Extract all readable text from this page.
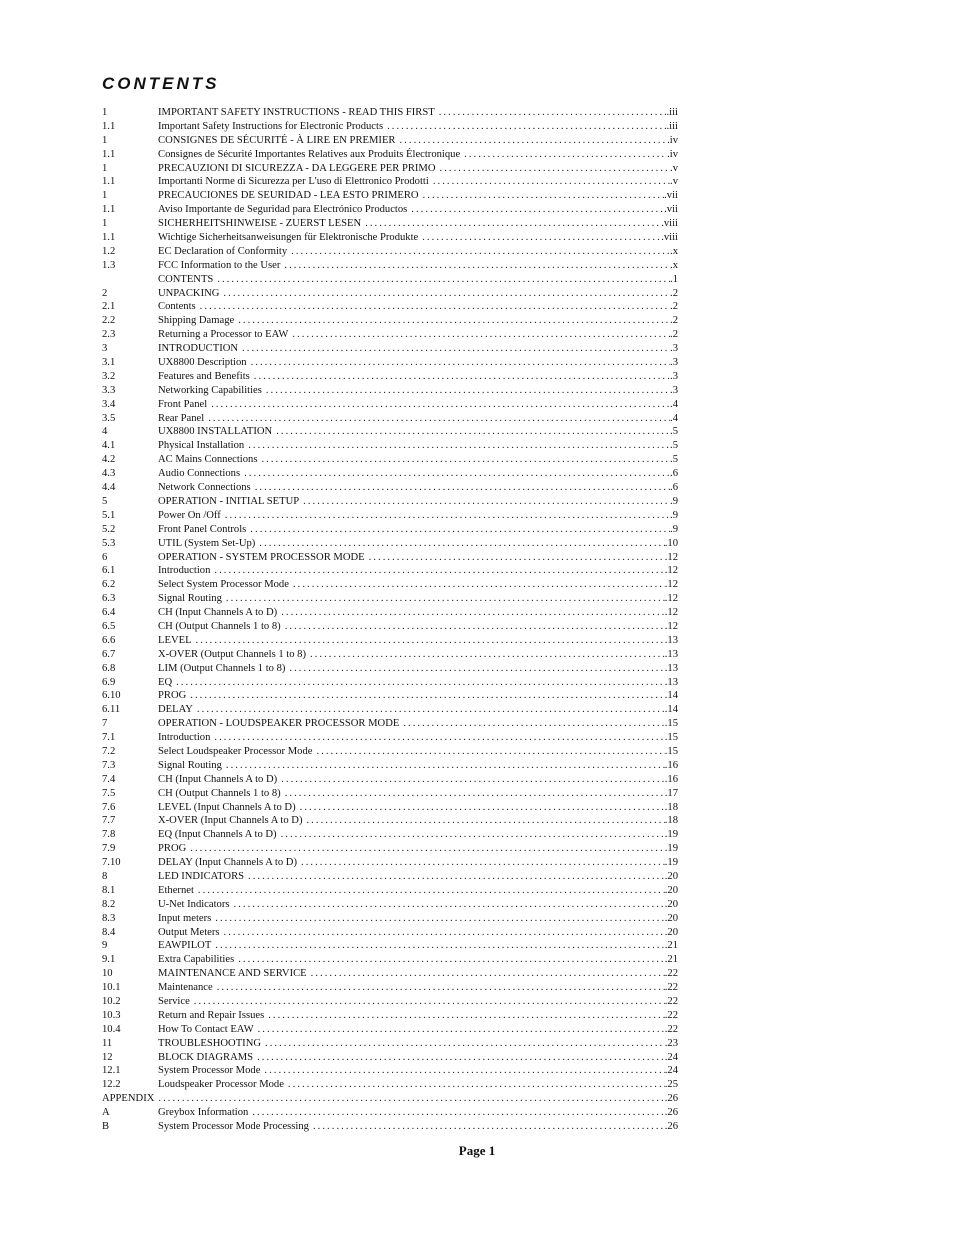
CONTENTS
1	IMPORTANT SAFETY INSTRUCTIONS - READ THIS FIRST . . .	.iii
1.1	Important Safety Instructions for Electronic Products . . .	.iii
1	CONSIGNES DE SÉCURITÉ - À LIRE EN PREMIER . . .	.iv
1.1	Consignes de Sécurité Importantes Relatives aux Produits Électronique . . .	.iv
1	PRECAUZIONI DI SICUREZZA - DA LEGGERE PER PRIMO . . .	.v
1.1	Importanti Norme di Sicurezza per L'uso di Elettronico Prodotti . . .	.v
1	PRECAUCIONES DE SEURIDAD - LEA ESTO PRIMERO . . .	.vii
1.1	Aviso Importante de Seguridad para Electrónico Productos . . .	.vii
1	SICHERHEITSHINWEISE - ZUERST LESEN . . .	.viii
1.1	Wichtige Sicherheitsanweisungen für Elektronische Produkte . . .	.viii
1.2	EC Declaration of Conformity . . .	.x
1.3	FCC Information to the User . . .	.x
CONTENTS . . .	.1
2	UNPACKING . . .	.2
2.1	Contents . . .	.2
2.2	Shipping Damage . . .	.2
2.3	Returning a Processor to EAW . . .	.2
3	INTRODUCTION . . .	.3
3.1	UX8800 Description . . .	.3
3.2	Features and Benefits . . .	.3
3.3	Networking Capabilities . . .	.3
3.4	Front Panel . . .	.4
3.5	Rear Panel . . .	.4
4	UX8800 INSTALLATION . . .	.5
4.1	Physical Installation . . .	.5
4.2	AC Mains Connections . . .	.5
4.3	Audio Connections . . .	.6
4.4	Network Connections . . .	.6
5	OPERATION - INITIAL SETUP . . .	.9
5.1	Power On /Off . . .	.9
5.2	Front Panel Controls . . .	.9
5.3	UTIL (System Set-Up) . . .	.10
6	OPERATION - SYSTEM PROCESSOR MODE . . .	.12
6.1	Introduction . . .	.12
6.2	Select System Processor Mode . . .	.12
6.3	Signal Routing . . .	.12
6.4	CH (Input Channels A to D) . . .	.12
6.5	CH (Output Channels 1 to 8) . . .	.12
6.6	LEVEL . . .	.13
6.7	X-OVER (Output Channels 1 to 8) . . .	.13
6.8	LIM (Output Channels 1 to 8) . . .	.13
6.9	EQ . . .	.13
6.10	PROG . . .	.14
6.11	DELAY . . .	.14
7	OPERATION - LOUDSPEAKER PROCESSOR MODE . . .	.15
7.1	Introduction . . .	.15
7.2	Select Loudspeaker Processor Mode . . .	.15
7.3	Signal Routing . . .	.16
7.4	CH (Input Channels A to D) . . .	.16
7.5	CH (Output Channels 1 to 8) . . .	.17
7.6	LEVEL (Input Channels A to D) . . .	.18
7.7	X-OVER (Input Channels A to D) . . .	.18
7.8	EQ (Input Channels A to D) . . .	.19
7.9	PROG . . .	.19
7.10	DELAY (Input Channels A to D) . . .	.19
8	LED INDICATORS . . .	.20
8.1	Ethernet . . .	.20
8.2	U-Net Indicators . . .	.20
8.3	Input meters . . .	.20
8.4	Output Meters . . .	.20
9	EAWPILOT . . .	.21
9.1	Extra Capabilities . . .	.21
10	MAINTENANCE AND SERVICE . . .	.22
10.1	Maintenance . . .	.22
10.2	Service . . .	.22
10.3	Return and Repair Issues . . .	.22
10.4	How To Contact EAW . . .	.22
11	TROUBLESHOOTING . . .	.23
12	BLOCK DIAGRAMS . . .	.24
12.1	System Processor Mode . . .	.24
12.2	Loudspeaker Processor Mode . . .	.25
APPENDIX . . .	.26
A	Greybox Information . . .	.26
B	System Processor Mode Processing . . .	.26
Page 1
